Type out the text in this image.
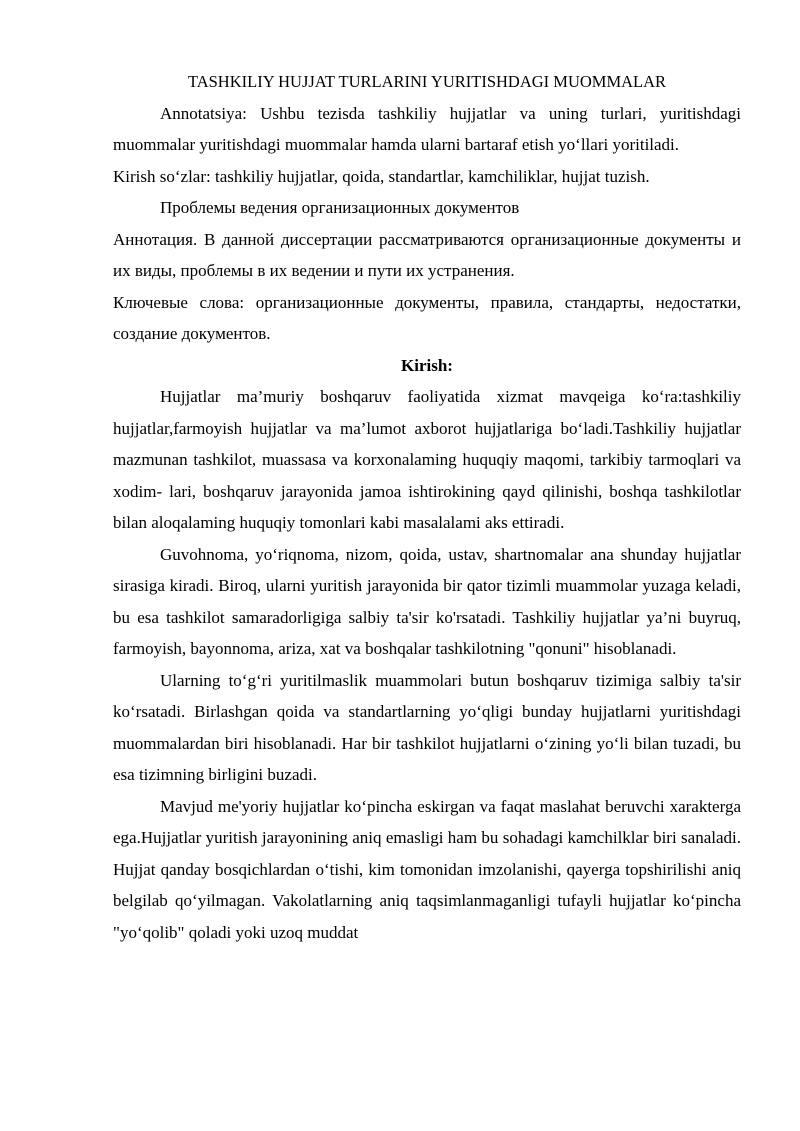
TASHKILIY HUJJAT TURLARINI YURITISHDAGI MUOMMALAR

Annotatsiya: Ushbu tezisda tashkiliy hujjatlar va uning turlari, yuritishdagi muommalar yuritishdagi muommalar hamda ularni bartaraf etish yo‘llari yoritiladi.

Kirish so‘zlar: tashkiliy hujjatlar, qoida, standartlar, kamchiliklar, hujjat tuzish.

Проблемы ведения организационных документов

Аннотация. В данной диссертации рассматриваются организационные документы и их виды, проблемы в их ведении и пути их устранения.

Ключевые слова: организационные документы, правила, стандарты, недостатки, создание документов.

Kirish:

Hujjatlar ma’muriy boshqaruv faoliyatida xizmat mavqeiga ko‘ra:tashkiliy hujjatlar,farmoyish hujjatlar va ma’lumot axborot hujjatlariga bo‘ladi.Tashkiliy hujjatlar mazmunan tashkilot, muassasa va korxonalaming huquqiy maqomi, tarkibiy tarmoqlari va xodim- lari, boshqaruv jarayonida jamoa ishtirokining qayd qilinishi, boshqa tashkilotlar bilan aloqalaming huquqiy tomonlari kabi masalalami aks ettiradi.

Guvohnoma, yo‘riqnoma, nizom, qoida, ustav, shartnomalar ana shunday hujjatlar sirasiga kiradi. Biroq, ularni yuritish jarayonida bir qator tizimli muammolar yuzaga keladi, bu esa tashkilot samaradorligiga salbiy ta'sir ko'rsatadi. Tashkiliy hujjatlar ya’ni buyruq, farmoyish, bayonnoma, ariza, xat va boshqalar tashkilotning "qonuni" hisoblanadi.

Ularning to‘g‘ri yuritilmaslik muammolari butun boshqaruv tizimiga salbiy ta'sir ko‘rsatadi. Birlashgan qoida va standartlarning yo‘qligi bunday hujjatlarni yuritishdagi muommalardan biri hisoblanadi. Har bir tashkilot hujjatlarni o‘zining yo‘li bilan tuzadi, bu esa tizimning birligini buzadi.

Mavjud me'yoriy hujjatlar ko‘pincha eskirgan va faqat maslahat beruvchi xarakterga ega.Hujjatlar yuritish jarayonining aniq emasligi ham bu sohadagi kamchilklar biri sanaladi. Hujjat qanday bosqichlardan o‘tishi, kim tomonidan imzolanishi, qayerga topshirilishi aniq belgilab qo‘yilmagan. Vakolatlarning aniq taqsimlanmaganligi tufayli hujjatlar ko‘pincha "yo‘qolib" qoladi yoki uzoq muddat
